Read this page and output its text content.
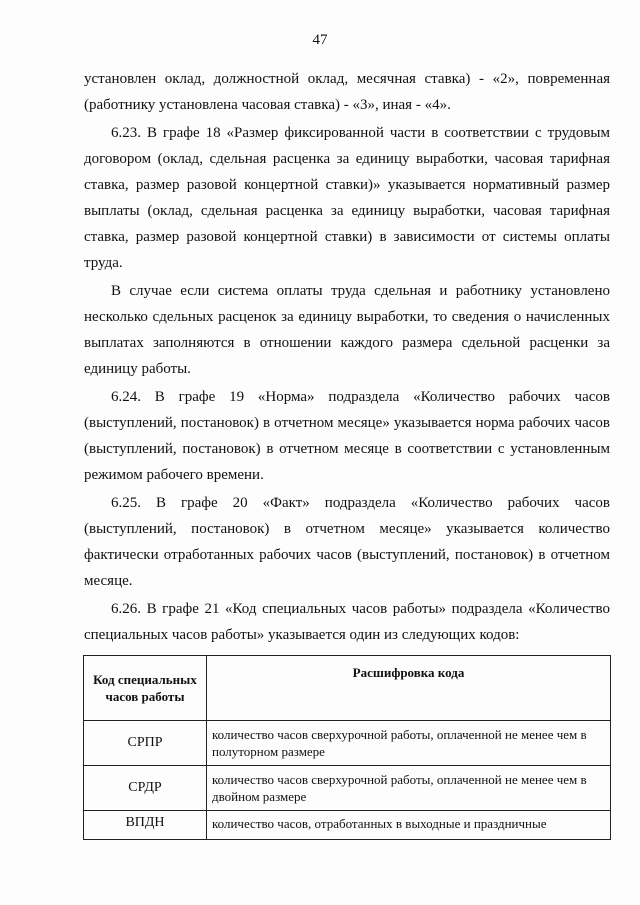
47

установлен оклад, должностной оклад, месячная ставка) - «2», повременная (работнику установлена часовая ставка) - «3», иная - «4».

6.23. В графе 18 «Размер фиксированной части в соответствии с трудовым договором (оклад, сдельная расценка за единицу выработки, часовая тарифная ставка, размер разовой концертной ставки)» указывается нормативный размер выплаты (оклад, сдельная расценка за единицу выработки, часовая тарифная ставка, размер разовой концертной ставки) в зависимости от системы оплаты труда.

В случае если система оплаты труда сдельная и работнику установлено несколько сдельных расценок за единицу выработки, то сведения о начисленных выплатах заполняются в отношении каждого размера сдельной расценки за единицу работы.

6.24. В графе 19 «Норма» подраздела «Количество рабочих часов (выступлений, постановок) в отчетном месяце» указывается норма рабочих часов (выступлений, постановок) в отчетном месяце в соответствии с установленным режимом рабочего времени.

6.25. В графе 20 «Факт» подраздела «Количество рабочих часов (выступлений, постановок) в отчетном месяце» указывается количество фактически отработанных рабочих часов (выступлений, постановок) в отчетном месяце.

6.26. В графе 21 «Код специальных часов работы» подраздела «Количество специальных часов работы» указывается один из следующих кодов:

Код специальных часов работы	Расшифровка кода
СРПР	количество часов сверхурочной работы, оплаченной не менее чем в полуторном размере
СРДР	количество часов сверхурочной работы, оплаченной не менее чем в двойном размере
ВПДН	количество часов, отработанных в выходные и праздничные
